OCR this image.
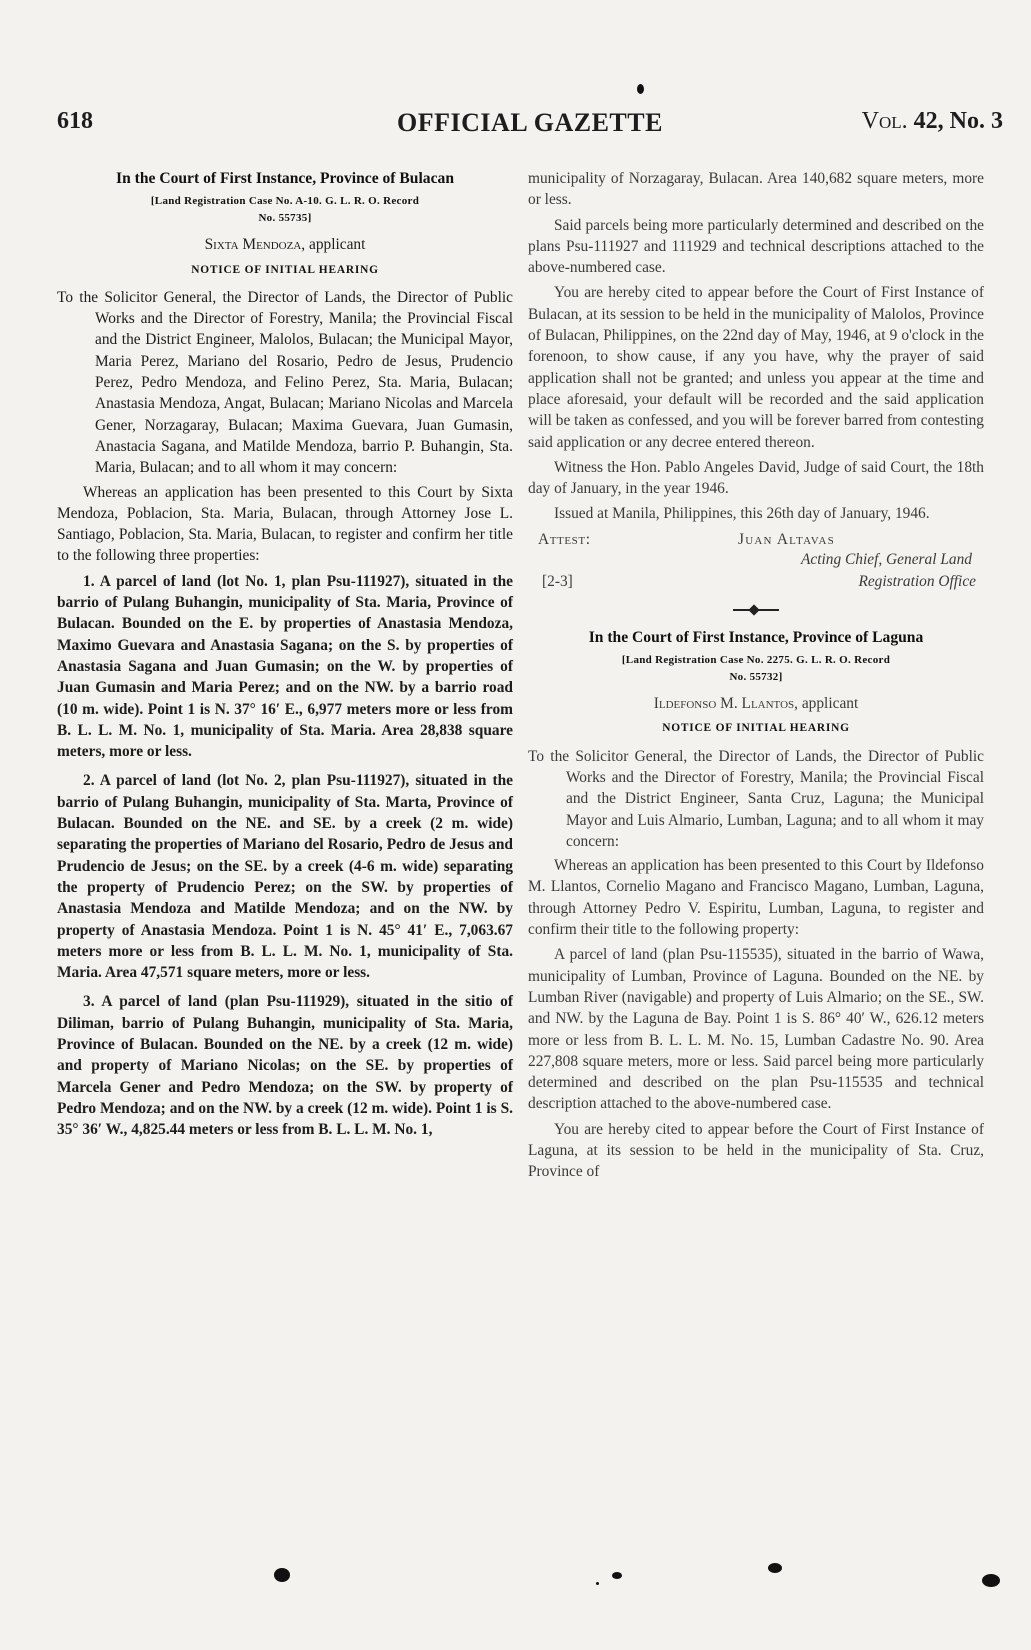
618	OFFICIAL GAZETTE	Vol. 42, No. 3
In the Court of First Instance, Province of Bulacan
[Land Registration Case No. A-10. G. L. R. O. Record
No. 55735]
Sixta Mendoza, applicant
NOTICE OF INITIAL HEARING

To the Solicitor General, the Director of Lands, the Director of Public Works and the Director of Forestry, Manila; the Provincial Fiscal and the District Engineer, Malolos, Bulacan; the Municipal Mayor, Maria Perez, Mariano del Rosario, Pedro de Jesus, Prudencio Perez, Pedro Mendoza, and Felino Perez, Sta. Maria, Bulacan; Anastasia Mendoza, Angat, Bulacan; Mariano Nicolas and Marcela Gener, Norzagaray, Bulacan; Maxima Guevara, Juan Gumasin, Anastacia Sagana, and Matilde Mendoza, barrio P. Buhangin, Sta. Maria, Bulacan; and to all whom it may concern:

Whereas an application has been presented to this Court by Sixta Mendoza, Poblacion, Sta. Maria, Bulacan, through Attorney Jose L. Santiago, Poblacion, Sta. Maria, Bulacan, to register and confirm her title to the following three properties:

1. A parcel of land (lot No. 1, plan Psu-111927), situated in the barrio of Pulang Buhangin, municipality of Sta. Maria, Province of Bulacan. Bounded on the E. by properties of Anastasia Mendoza, Maximo Guevara and Anastasia Sagana; on the S. by properties of Anastasia Sagana and Juan Gumasin; on the W. by properties of Juan Gumasin and Maria Perez; and on the NW. by a barrio road (10 m. wide). Point 1 is N. 37° 16′ E., 6,977 meters more or less from B. L. L. M. No. 1, municipality of Sta. Maria. Area 28,838 square meters, more or less.

2. A parcel of land (lot No. 2, plan Psu-111927), situated in the barrio of Pulang Buhangin, municipality of Sta. Marta, Province of Bulacan. Bounded on the NE. and SE. by a creek (2 m. wide) separating the properties of Mariano del Rosario, Pedro de Jesus and Prudencio de Jesus; on the SE. by a creek (4-6 m. wide) separating the property of Prudencio Perez; on the SW. by properties of Anastasia Mendoza and Matilde Mendoza; and on the NW. by property of Anastasia Mendoza. Point 1 is N. 45° 41′ E., 7,063.67 meters more or less from B. L. L. M. No. 1, municipality of Sta. Maria. Area 47,571 square meters, more or less.

3. A parcel of land (plan Psu-111929), situated in the sitio of Diliman, barrio of Pulang Buhangin, municipality of Sta. Maria, Province of Bulacan. Bounded on the NE. by a creek (12 m. wide) and property of Mariano Nicolas; on the SE. by properties of Marcela Gener and Pedro Mendoza; on the SW. by property of Pedro Mendoza; and on the NW. by a creek (12 m. wide). Point 1 is S. 35° 36′ W., 4,825.44 meters or less from B. L. L. M. No. 1,

municipality of Norzagaray, Bulacan. Area 140,682 square meters, more or less.

Said parcels being more particularly determined and described on the plans Psu-111927 and 111929 and technical descriptions attached to the above-numbered case.

You are hereby cited to appear before the Court of First Instance of Bulacan, at its session to be held in the municipality of Malolos, Province of Bulacan, Philippines, on the 22nd day of May, 1946, at 9 o'clock in the forenoon, to show cause, if any you have, why the prayer of said application shall not be granted; and unless you appear at the time and place aforesaid, your default will be recorded and the said application will be taken as confessed, and you will be forever barred from contesting said application or any decree entered thereon.

Witness the Hon. Pablo Angeles David, Judge of said Court, the 18th day of January, in the year 1946.

Issued at Manila, Philippines, this 26th day of January, 1946.

Attest:	Juan Altavas
Acting Chief, General Land
[2-3]	Registration Office
In the Court of First Instance, Province of Laguna
[Land Registration Case No. 2275. G. L. R. O. Record
No. 55732]
Ildefonso M. Llantos, applicant
NOTICE OF INITIAL HEARING

To the Solicitor General, the Director of Lands, the Director of Public Works and the Director of Forestry, Manila; the Provincial Fiscal and the District Engineer, Santa Cruz, Laguna; the Municipal Mayor and Luis Almario, Lumban, Laguna; and to all whom it may concern:

Whereas an application has been presented to this Court by Ildefonso M. Llantos, Cornelio Magano and Francisco Magano, Lumban, Laguna, through Attorney Pedro V. Espiritu, Lumban, Laguna, to register and confirm their title to the following property:

A parcel of land (plan Psu-115535), situated in the barrio of Wawa, municipality of Lumban, Province of Laguna. Bounded on the NE. by Lumban River (navigable) and property of Luis Almario; on the SE., SW. and NW. by the Laguna de Bay. Point 1 is S. 86° 40′ W., 626.12 meters more or less from B. L. L. M. No. 15, Lumban Cadastre No. 90. Area 227,808 square meters, more or less. Said parcel being more particularly determined and described on the plan Psu-115535 and technical description attached to the above-numbered case.

You are hereby cited to appear before the Court of First Instance of Laguna, at its session to be held in the municipality of Sta. Cruz, Province of
